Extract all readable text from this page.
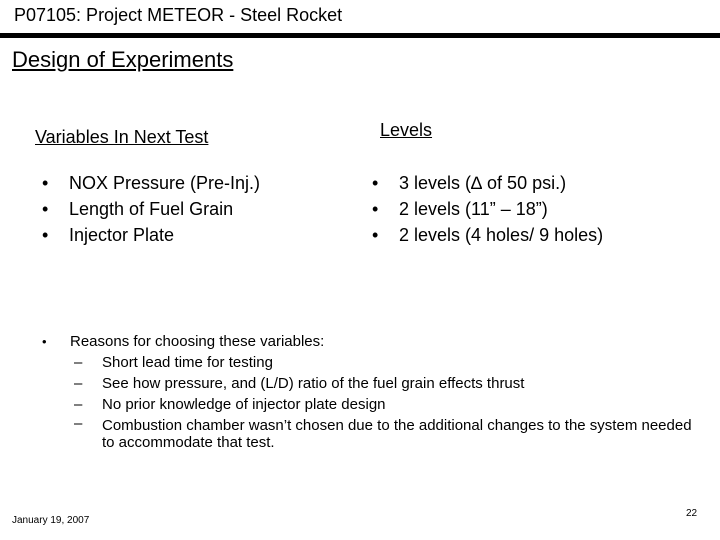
P07105: Project METEOR - Steel Rocket
Design of Experiments
Variables In Next Test	Levels
• NOX Pressure (Pre-Inj.)
• Length of Fuel Grain
• Injector Plate
• 3 levels (∆ of 50 psi.)
• 2 levels (11” – 18”)
• 2 levels (4 holes/ 9 holes)
• Reasons for choosing these variables:
– Short lead time for testing
– See how pressure, and (L/D) ratio of the fuel grain effects thrust
– No prior knowledge of injector plate design
– Combustion chamber wasn’t chosen due to the additional changes to the system needed to accommodate that test.
January 19, 2007
22
